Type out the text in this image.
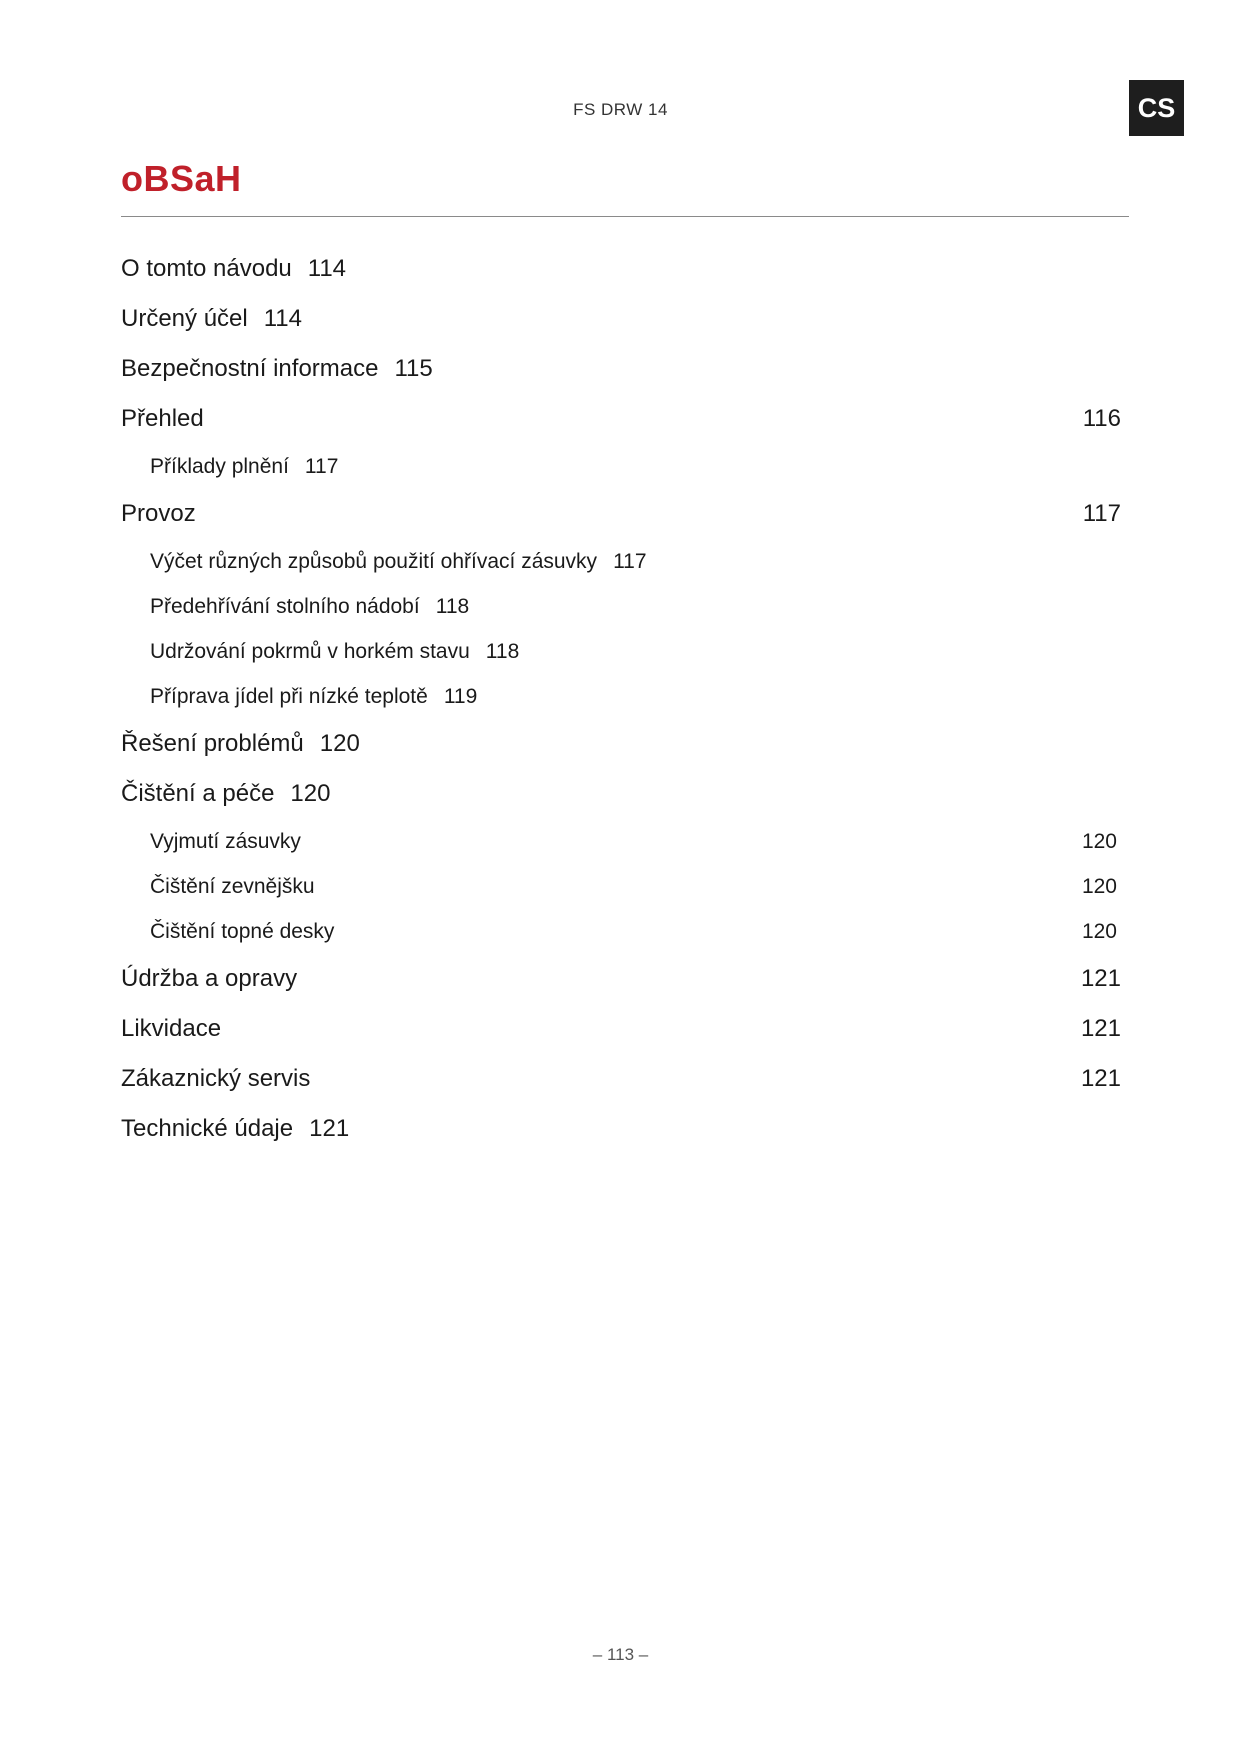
FS DRW 14	CS
oBSaH
O tomto návodu 114
Určený účel 114
Bezpečnostní informace 115
Přehled	116
Příklady plnění 117
Provoz	117
Výčet různých způsobů použití ohřívací zásuvky 117
Předehřívání stolního nádobí 118
Udržování pokrmů v horkém stavu 118
Příprava jídel při nízké teplotě 119
Řešení problémů 120
Čištění a péče 120
Vyjmutí zásuvky	120
Čištění zevnějšku	120
Čištění topné desky	120
Údržba a opravy	121
Likvidace	121
Zákaznický servis	121
Technické údaje 121
– 113 –
